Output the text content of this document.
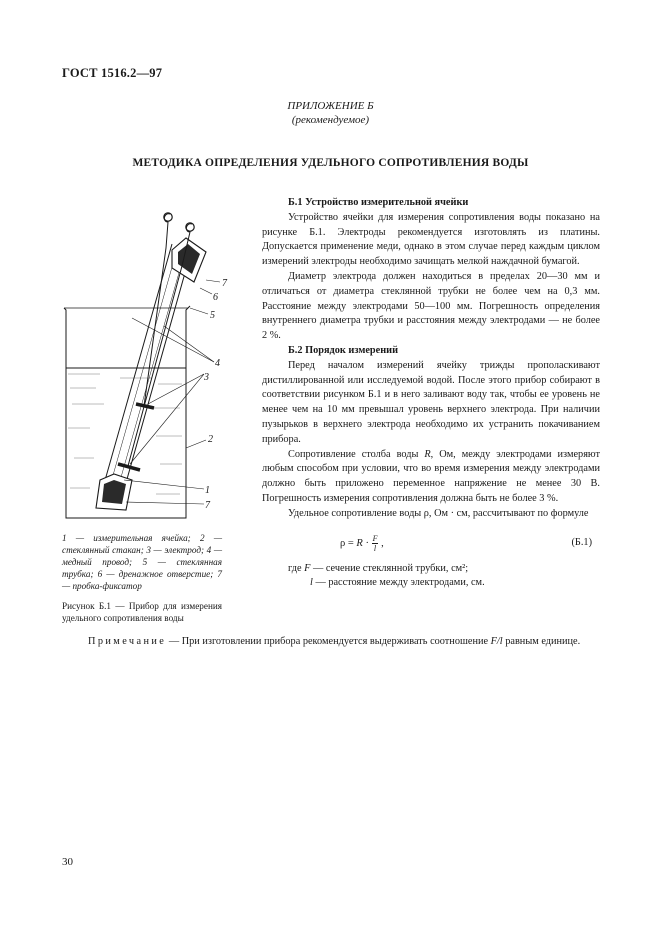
ГОСТ 1516.2—97
ПРИЛОЖЕНИЕ Б
(рекомендуемое)
МЕТОДИКА ОПРЕДЕЛЕНИЯ УДЕЛЬНОГО СОПРОТИВЛЕНИЯ ВОДЫ
7
6
5
4
3
2
1
7
1 — измерительная ячейка; 2 — стеклянный стакан; 3 — электрод; 4 — медный провод; 5 — стеклянная трубка; 6 — дренажное отверстие; 7 — пробка-фиксатор
Рисунок Б.1 — Прибор для измерения удельного сопротивления воды
Б.1 Устройство измерительной ячейки

Устройство ячейки для измерения сопротивления воды показано на рисунке Б.1. Электроды рекомендуется изготовлять из платины. Допускается применение меди, однако в этом случае перед каждым циклом измерений электроды необходимо зачищать мелкой наждачной бумагой.

Диаметр электрода должен находиться в пределах 20—30 мм и отличаться от диаметра стеклянной трубки не более чем на 0,3 мм. Расстояние между электродами 50—100 мм. Погрешность определения внутреннего диаметра трубки и расстояния между электродами — не более 2 %.

Б.2 Порядок измерений

Перед началом измерений ячейку трижды прополаскивают дистиллированной или исследуемой водой. После этого прибор собирают в соответствии рисунком Б.1 и в него заливают воду так, чтобы ее уровень не менее чем на 10 мм превышал уровень верхнего электрода. При наличии пузырьков в верхнего электрода необходимо их устранить покачиванием прибора.

Сопротивление столба воды R, Ом, между электродами измеряют любым способом при условии, что во время измерения между электродами должно быть приложено переменное напряжение не менее 30 В. Погрешность измерения сопротивления должна быть не более 3 %.

Удельное сопротивление воды ρ, Ом · см, рассчитывают по формуле

$\rho = R \cdot \frac{F}{l}$ ,	(Б.1)

где F — сечение стеклянной трубки, см²;

l — расстояние между электродами, см.

Примечание — При изготовлении прибора рекомендуется выдерживать соотношение F/l равным единице.
30
